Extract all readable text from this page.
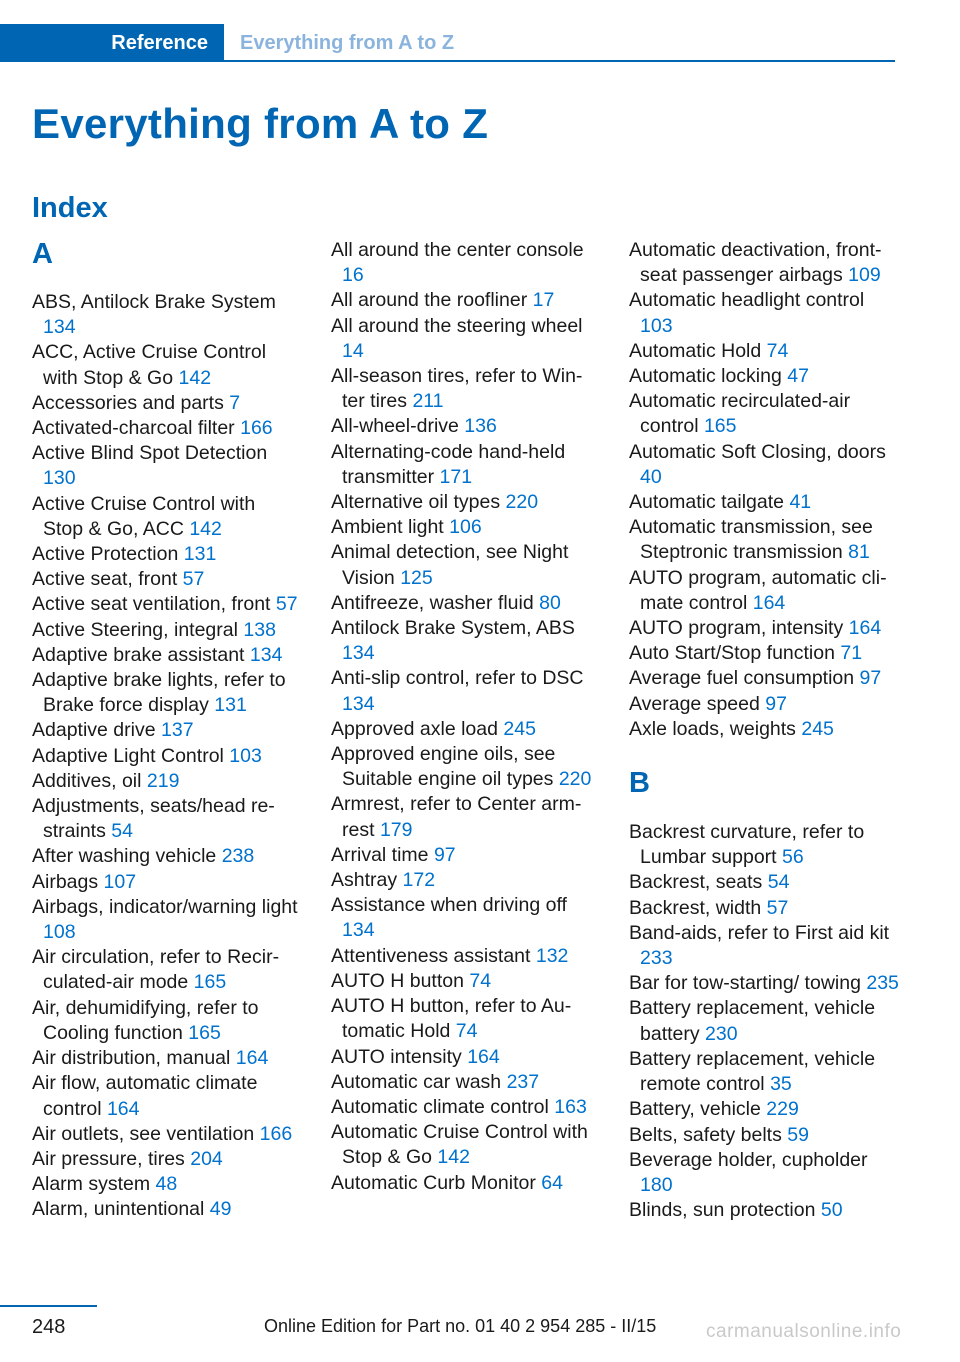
Reference	Everything from A to Z
Everything from A to Z
Index
A

ABS, Antilock Brake System 134

ACC, Active Cruise Control with Stop & Go 142

Accessories and parts 7

Activated-charcoal filter 166

Active Blind Spot Detection 130

Active Cruise Control with Stop & Go, ACC 142

Active Protection 131

Active seat, front 57

Active seat ventilation, front 57

Active Steering, integral 138

Adaptive brake assistant 134

Adaptive brake lights, refer to Brake force display 131

Adaptive drive 137

Adaptive Light Control 103

Additives, oil 219

Adjustments, seats/head restraints 54

After washing vehicle 238

Airbags 107

Airbags, indicator/warning light 108

Air circulation, refer to Recirculated-air mode 165

Air, dehumidifying, refer to Cooling function 165

Air distribution, manual 164

Air flow, automatic climate control 164

Air outlets, see ventilation 166

Air pressure, tires 204

Alarm system 48

Alarm, unintentional 49

All around the center console 16

All around the roofliner 17

All around the steering wheel 14

All-season tires, refer to Winter tires 211

All-wheel-drive 136

Alternating-code hand-held transmitter 171

Alternative oil types 220

Ambient light 106

Animal detection, see Night Vision 125

Antifreeze, washer fluid 80

Antilock Brake System, ABS 134

Anti-slip control, refer to DSC 134

Approved axle load 245

Approved engine oils, see Suitable engine oil types 220

Armrest, refer to Center armrest 179

Arrival time 97

Ashtray 172

Assistance when driving off 134

Attentiveness assistant 132

AUTO H button 74

AUTO H button, refer to Automatic Hold 74

AUTO intensity 164

Automatic car wash 237

Automatic climate control 163

Automatic Cruise Control with Stop & Go 142

Automatic Curb Monitor 64

Automatic deactivation, front-seat passenger airbags 109

Automatic headlight control 103

Automatic Hold 74

Automatic locking 47

Automatic recirculated-air control 165

Automatic Soft Closing, doors 40

Automatic tailgate 41

Automatic transmission, see Steptronic transmission 81

AUTO program, automatic climate control 164

AUTO program, intensity 164

Auto Start/Stop function 71

Average fuel consumption 97

Average speed 97

Axle loads, weights 245

B

Backrest curvature, refer to Lumbar support 56

Backrest, seats 54

Backrest, width 57

Band-aids, refer to First aid kit 233

Bar for tow-starting/ towing 235

Battery replacement, vehicle battery 230

Battery replacement, vehicle remote control 35

Battery, vehicle 229

Belts, safety belts 59

Beverage holder, cupholder 180

Blinds, sun protection 50

248	Online Edition for Part no. 01 40 2 954 285 - II/15	carmanualsonline.info
